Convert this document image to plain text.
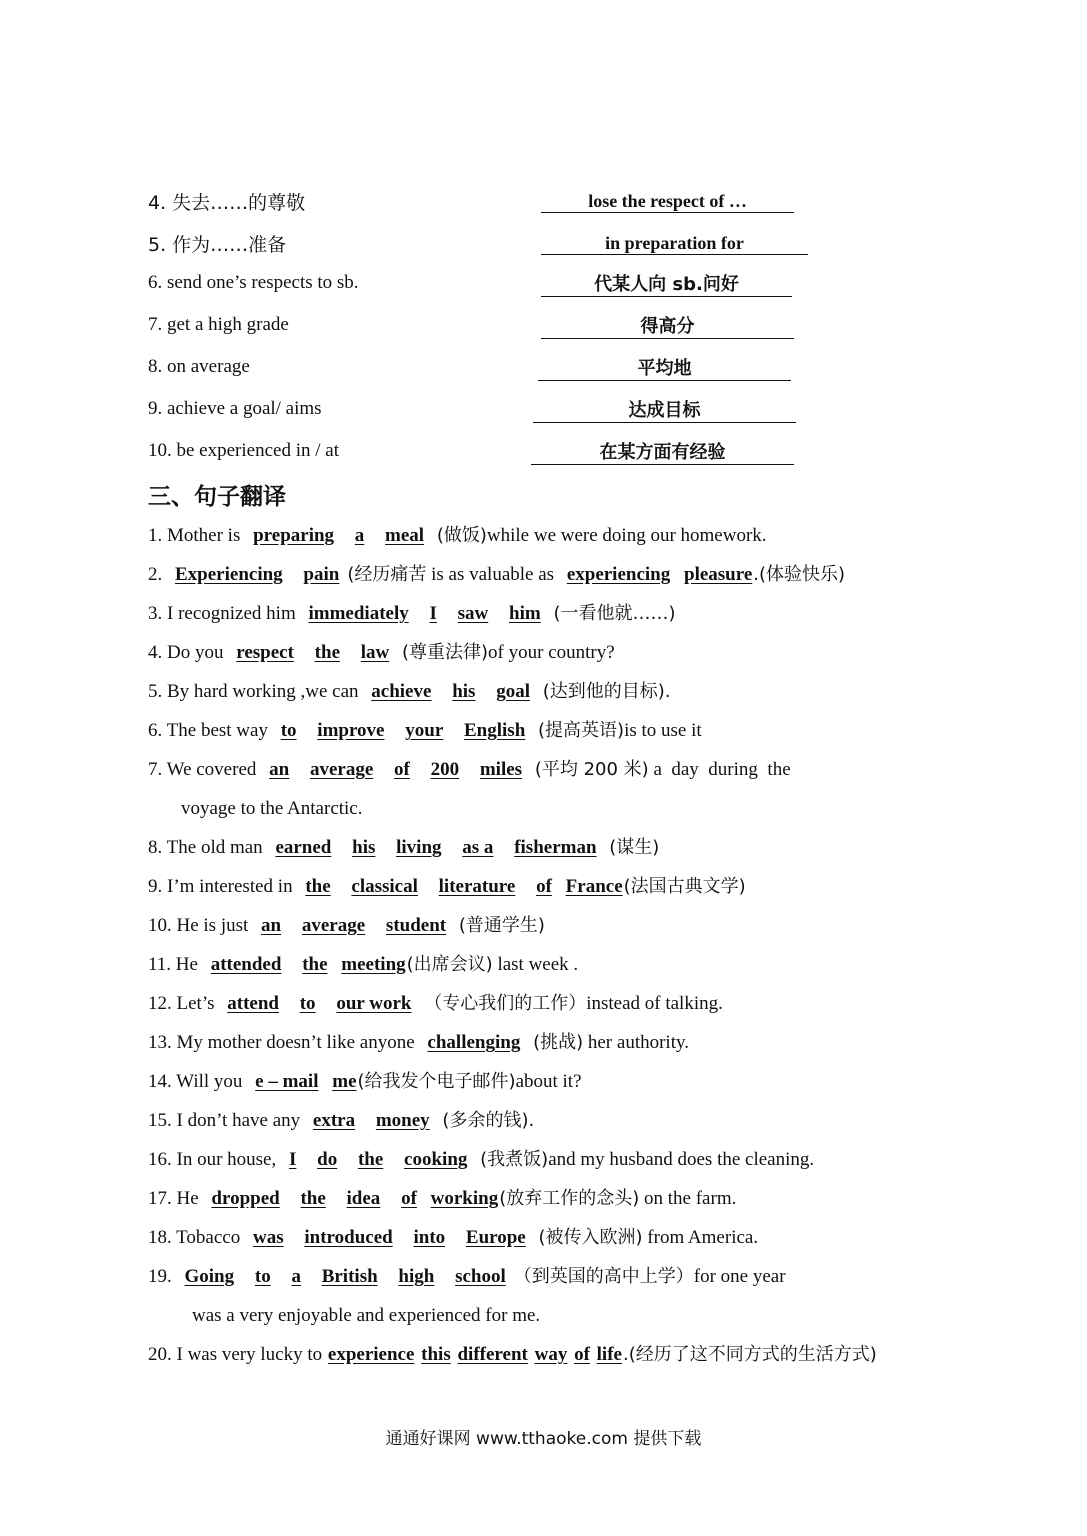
4. 失去……的尊敬	lose the respect of …
5. 作为……准备	in preparation for
6. send one’s respects to sb.	代某人向 sb.问好
7. get a high grade	得高分
8. on average	平均地
9. achieve a goal/ aims	达成目标
10. be experienced in / at	在某方面有经验
三、句子翻译
1. Mother is preparing a meal (做饭)while we were doing our homework.
2. Experiencing pain (经历痛苦 is as valuable as experiencing pleasure.(体验快乐)
3. I recognized him immediately I saw him (一看他就……)
4. Do you respect the law (尊重法律)of your country?
5. By hard working ,we can achieve his goal (达到他的目标).
6. The best way to improve your English (提高英语)is to use it
7. We covered an average of 200 miles (平均 200 米) a  day  during  the
voyage to the Antarctic.
8. The old man earned his living as a fisherman (谋生)
9. I’m interested in the classical literature of France(法国古典文学)
10. He is just an average student (普通学生)
11. He attended the meeting(出席会议) last week .
12. Let’s attend to our work （专心我们的工作）instead of talking.
13. My mother doesn’t like anyone challenging (挑战) her authority.
14. Will you e – mail me(给我发个电子邮件)about it?
15. I don’t have any extra money (多余的钱).
16. In our house, I do the cooking (我煮饭)and my husband does the cleaning.
17. He dropped the idea of working(放弃工作的念头) on the farm.
18. Tobacco was introduced into Europe (被传入欧洲) from America.
19. Going to a British high school （到英国的高中上学）for one year
was a very enjoyable and experienced for me.
20. I was very lucky to experience this different way of life.(经历了这不同方式的生活方式)
通通好课网 www.tthaoke.com 提供下载
